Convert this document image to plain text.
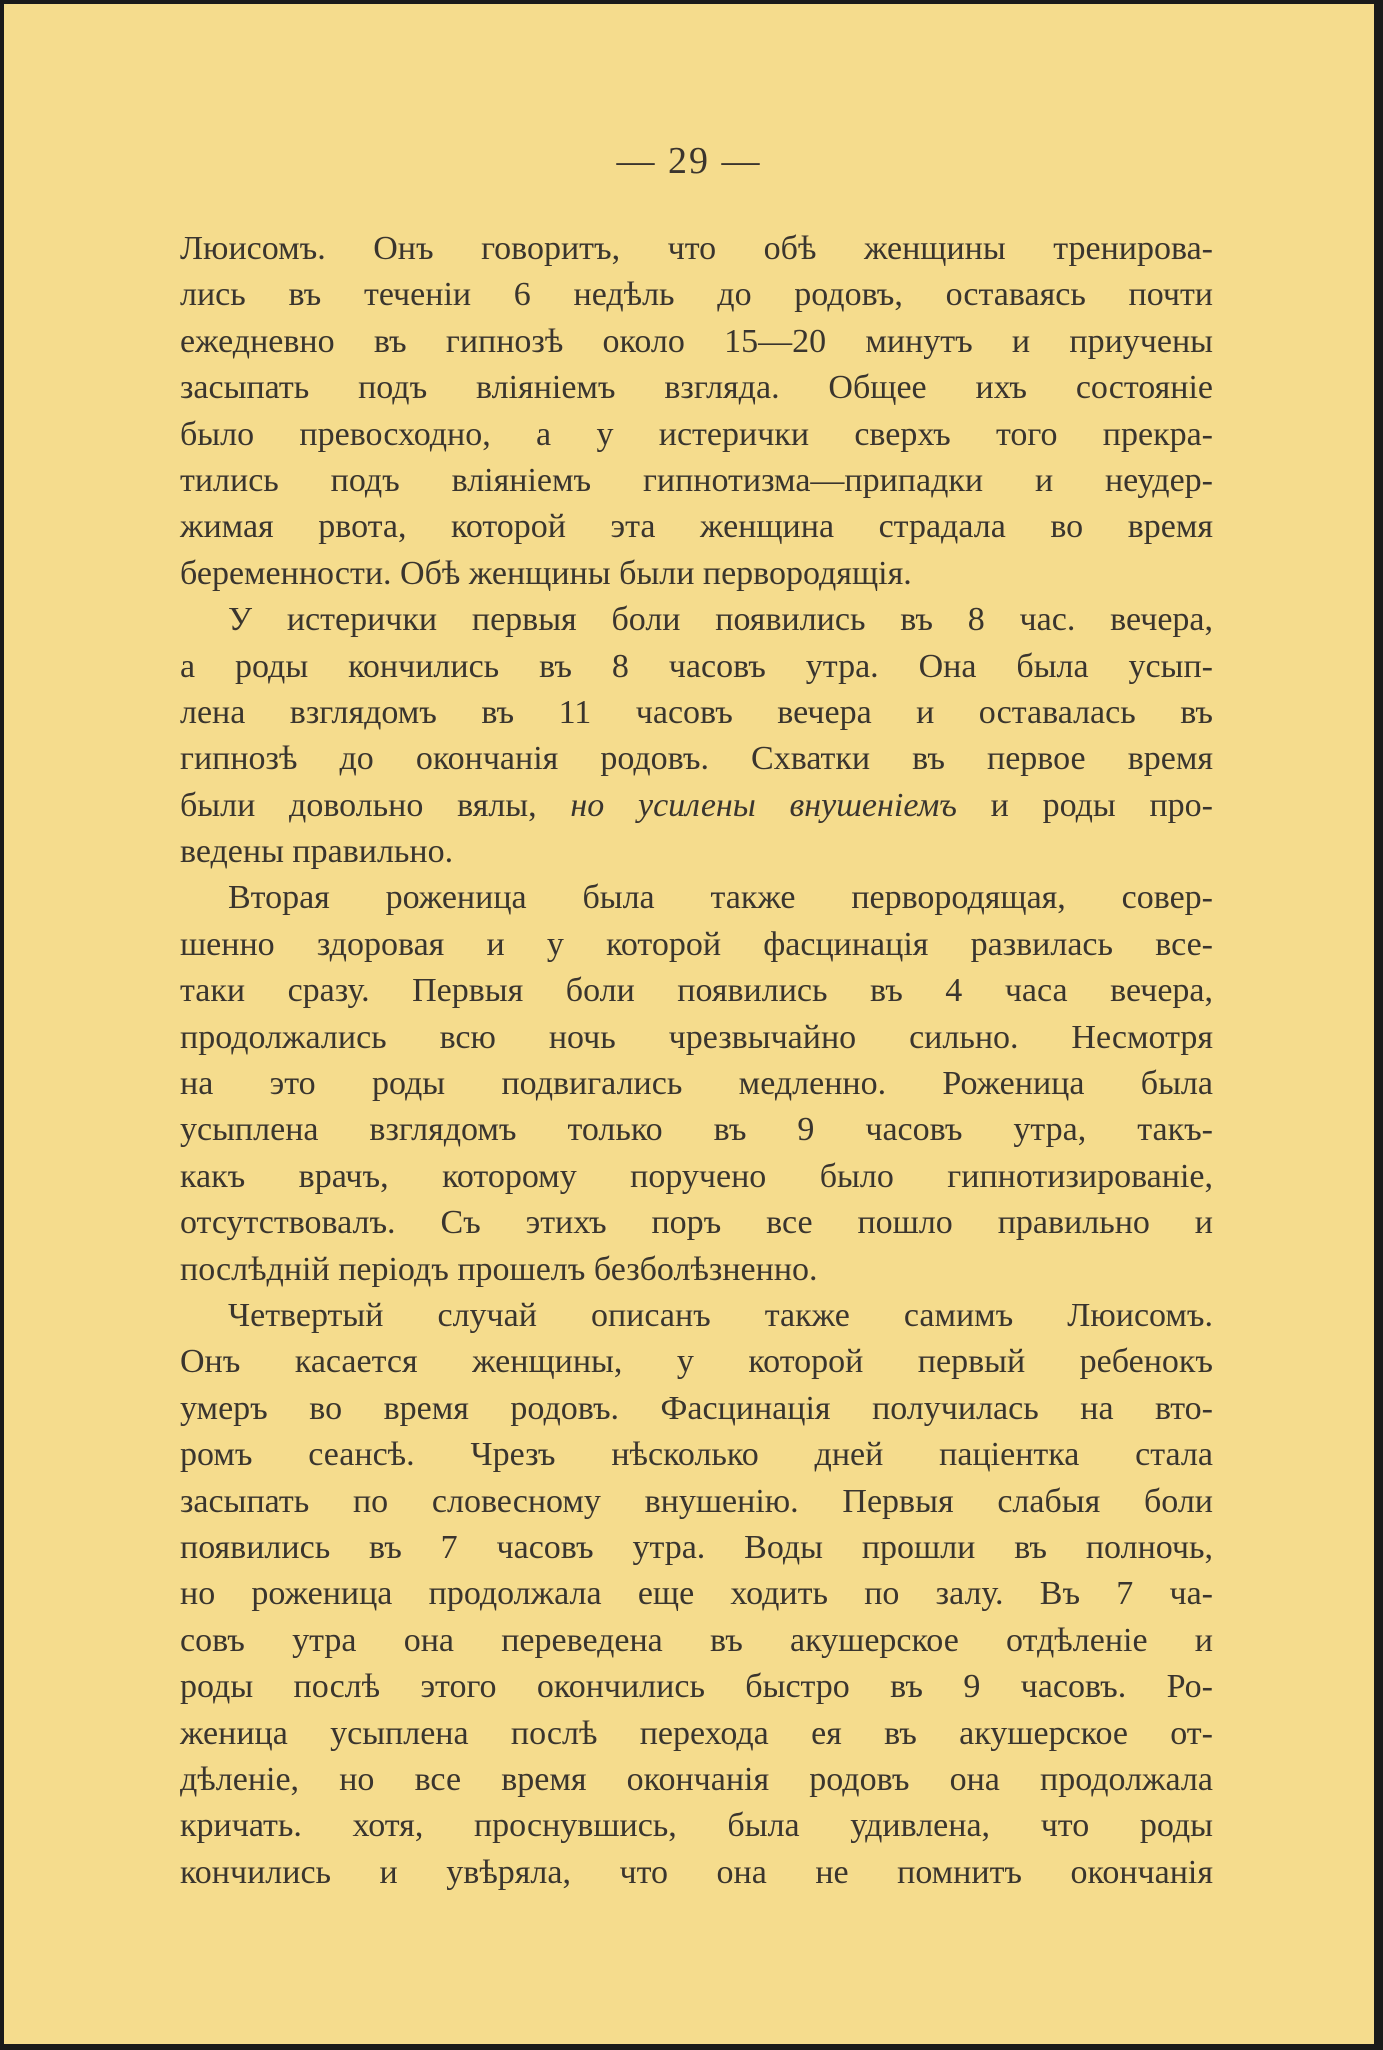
— 29 —
Люисомъ. Онъ говоритъ, что обѣ женщины тренирова-
лись въ теченіи 6 недѣль до родовъ, оставаясь почти
ежедневно въ гипнозѣ около 15—20 минутъ и приучены
засыпать подъ вліяніемъ взгляда. Общее ихъ состояніе
было превосходно, а у истерички сверхъ того прекра-
тились подъ вліяніемъ гипнотизма—припадки и неудер-
жимая рвота, которой эта женщина страдала во время
беременности. Обѣ женщины были первородящія.
У истерички первыя боли появились въ 8 час. вечера,
а роды кончились въ 8 часовъ утра. Она была усып-
лена взглядомъ въ 11 часовъ вечера и оставалась въ
гипнозѣ до окончанія родовъ. Схватки въ первое время
были довольно вялы, но усилены внушеніемъ и роды про-
ведены правильно.
Вторая роженица была также первородящая, совер-
шенно здоровая и у которой фасцинація развилась все-
таки сразу. Первыя боли появились въ 4 часа вечера,
продолжались всю ночь чрезвычайно сильно. Несмотря
на это роды подвигались медленно. Роженица была
усыплена взглядомъ только въ 9 часовъ утра, такъ-
какъ врачъ, которому поручено было гипнотизированіе,
отсутствовалъ. Съ этихъ поръ все пошло правильно и
послѣдній періодъ прошелъ безболѣзненно.
Четвертый случай описанъ также самимъ Люисомъ.
Онъ касается женщины, у которой первый ребенокъ
умеръ во время родовъ. Фасцинація получилась на вто-
ромъ сеансѣ. Чрезъ нѣсколько дней паціентка стала
засыпать по словесному внушенію. Первыя слабыя боли
появились въ 7 часовъ утра. Воды прошли въ полночь,
но роженица продолжала еще ходить по залу. Въ 7 ча-
совъ утра она переведена въ акушерское отдѣленіе и
роды послѣ этого окончились быстро въ 9 часовъ. Ро-
женица усыплена послѣ перехода ея въ акушерское от-
дѣленіе, но все время окончанія родовъ она продолжала
кричать. хотя, проснувшись, была удивлена, что роды
кончились и увѣряла, что она не помнитъ окончанія
